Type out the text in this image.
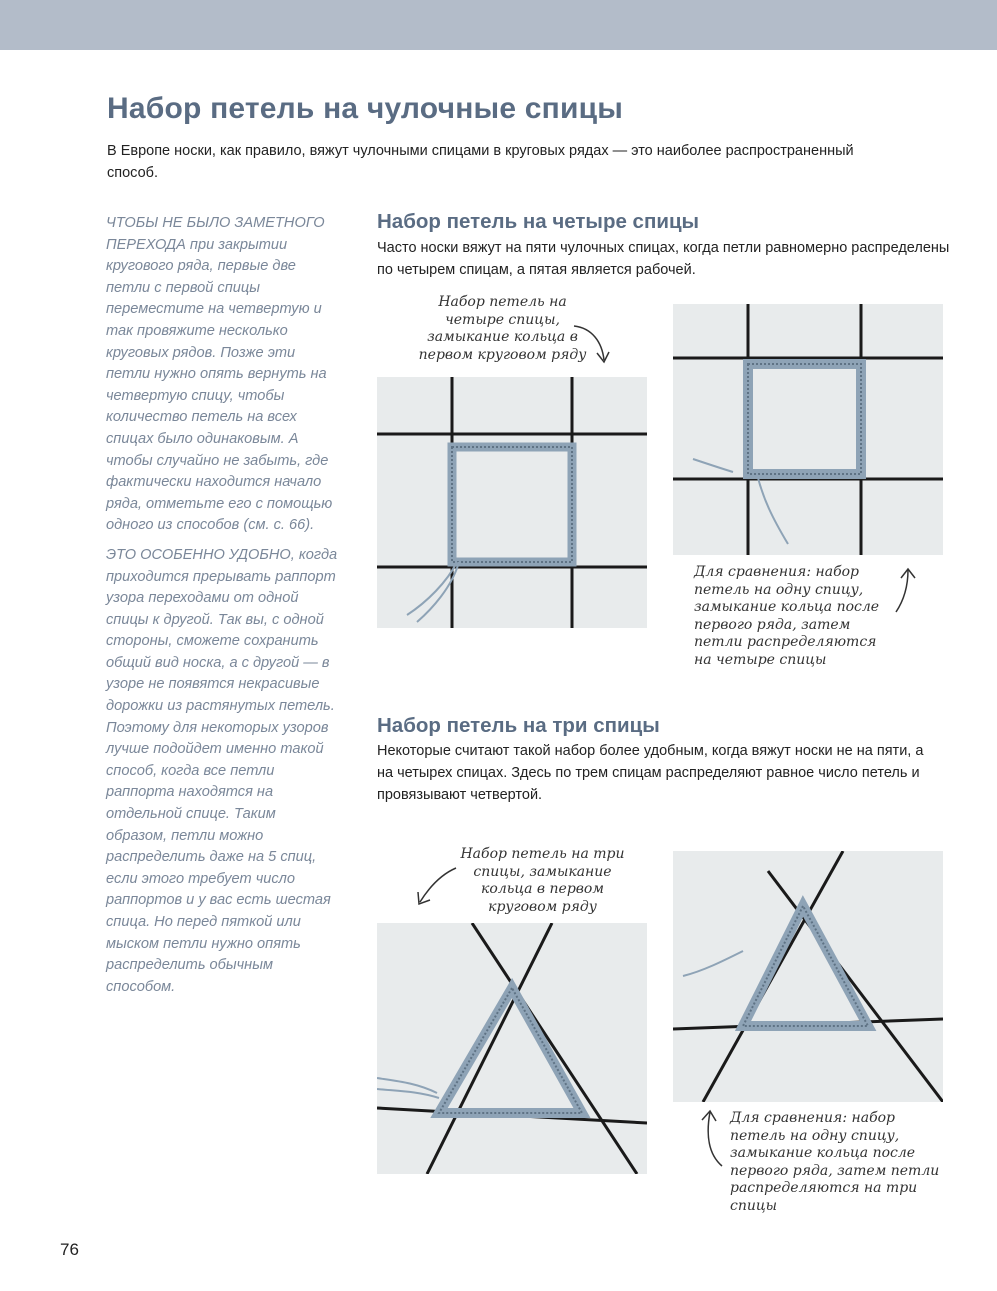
Набор петель на чулочные спицы

В Европе носки, как правило, вяжут чулочными спицами в круговых рядах — это наиболее распространенный способ.

ЧТОБЫ НЕ БЫЛО ЗАМЕТНОГО ПЕРЕХОДА при закрытии кругового ряда, первые две петли с первой спицы переместите на четвертую и так провяжите несколько круговых рядов. Позже эти петли нужно опять вернуть на четвертую спицу, чтобы количество петель на всех спицах было одинаковым. А чтобы случайно не забыть, где фактически находится начало ряда, отметьте его с помощью одного из способов (см. с. 66).

ЭТО ОСОБЕННО УДОБНО, когда приходится прерывать раппорт узора переходами от одной спицы к другой. Так вы, с одной стороны, сможете сохранить общий вид носка, а с другой — в узоре не появятся некрасивые дорожки из растянутых петель. Поэтому для некоторых узоров лучше подойдет именно такой способ, когда все петли раппорта находятся на отдельной спице. Таким образом, петли можно распределить даже на 5 спиц, если этого требует число раппортов и у вас есть шестая спица. Но перед пяткой или мыском петли нужно опять распределить обычным способом.

Набор петель на четыре спицы

Часто носки вяжут на пяти чулочных спицах, когда петли равномерно распределены по четырем спицам, а пятая является рабочей.

Набор петель на четыре спицы, замыкание кольца в первом круговом ряду
Для сравнения: набор петель на одну спицу, замыкание кольца после первого ряда, затем петли распределяются на четыре спицы
Набор петель на три спицы

Некоторые считают такой набор более удобным, когда вяжут носки не на пяти, а на четырех спицах. Здесь по трем спицам распределяют равное число петель и провязывают четвертой.

Набор петель на три спицы, замыкание кольца в первом круговом ряду
Для сравнения: набор петель на одну спицу, замыкание кольца после первого ряда, затем петли распределяются на три спицы
76
